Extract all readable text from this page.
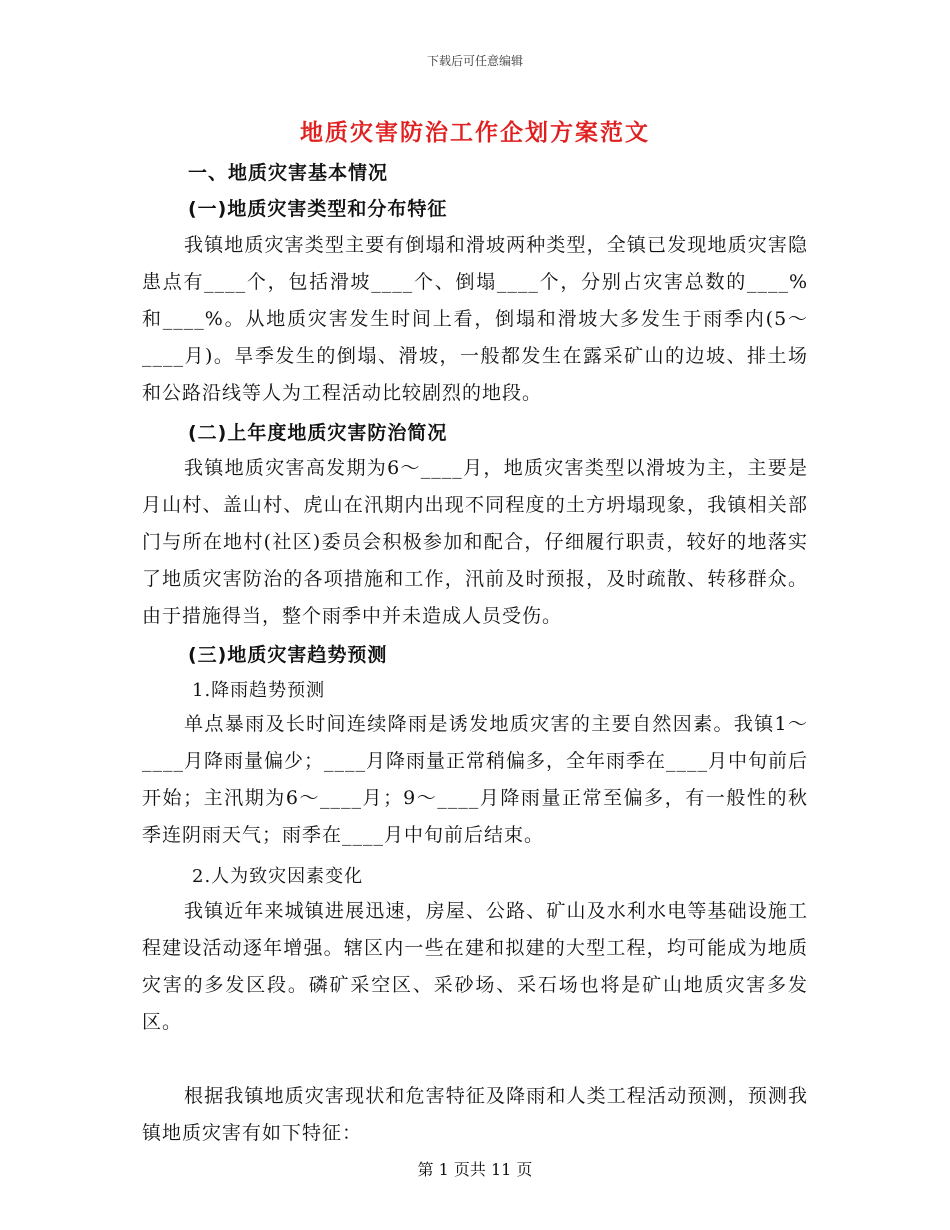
下载后可任意编辑
地质灾害防治工作企划方案范文
一、地质灾害基本情况
(一)地质灾害类型和分布特征

我镇地质灾害类型主要有倒塌和滑坡两种类型，全镇已发现地质灾害隐患点有____个，包括滑坡____个、倒塌____个，分别占灾害总数的____%和____%。从地质灾害发生时间上看，倒塌和滑坡大多发生于雨季内(5～____月)。旱季发生的倒塌、滑坡，一般都发生在露采矿山的边坡、排土场和公路沿线等人为工程活动比较剧烈的地段。

(二)上年度地质灾害防治简况

我镇地质灾害高发期为6～____月，地质灾害类型以滑坡为主，主要是月山村、盖山村、虎山在汛期内出现不同程度的土方坍塌现象，我镇相关部门与所在地村(社区)委员会积极参加和配合，仔细履行职责，较好的地落实了地质灾害防治的各项措施和工作，汛前及时预报，及时疏散、转移群众。由于措施得当，整个雨季中并未造成人员受伤。

(三)地质灾害趋势预测
1.降雨趋势预测

单点暴雨及长时间连续降雨是诱发地质灾害的主要自然因素。我镇1～____月降雨量偏少；____月降雨量正常稍偏多，全年雨季在____月中旬前后开始；主汛期为6～____月；9～____月降雨量正常至偏多，有一般性的秋季连阴雨天气；雨季在____月中旬前后结束。

2.人为致灾因素变化

我镇近年来城镇进展迅速，房屋、公路、矿山及水利水电等基础设施工程建设活动逐年增强。辖区内一些在建和拟建的大型工程，均可能成为地质灾害的多发区段。磷矿采空区、采砂场、采石场也将是矿山地质灾害多发区。

根据我镇地质灾害现状和危害特征及降雨和人类工程活动预测，预测我镇地质灾害有如下特征：

第 1 页共 11 页
